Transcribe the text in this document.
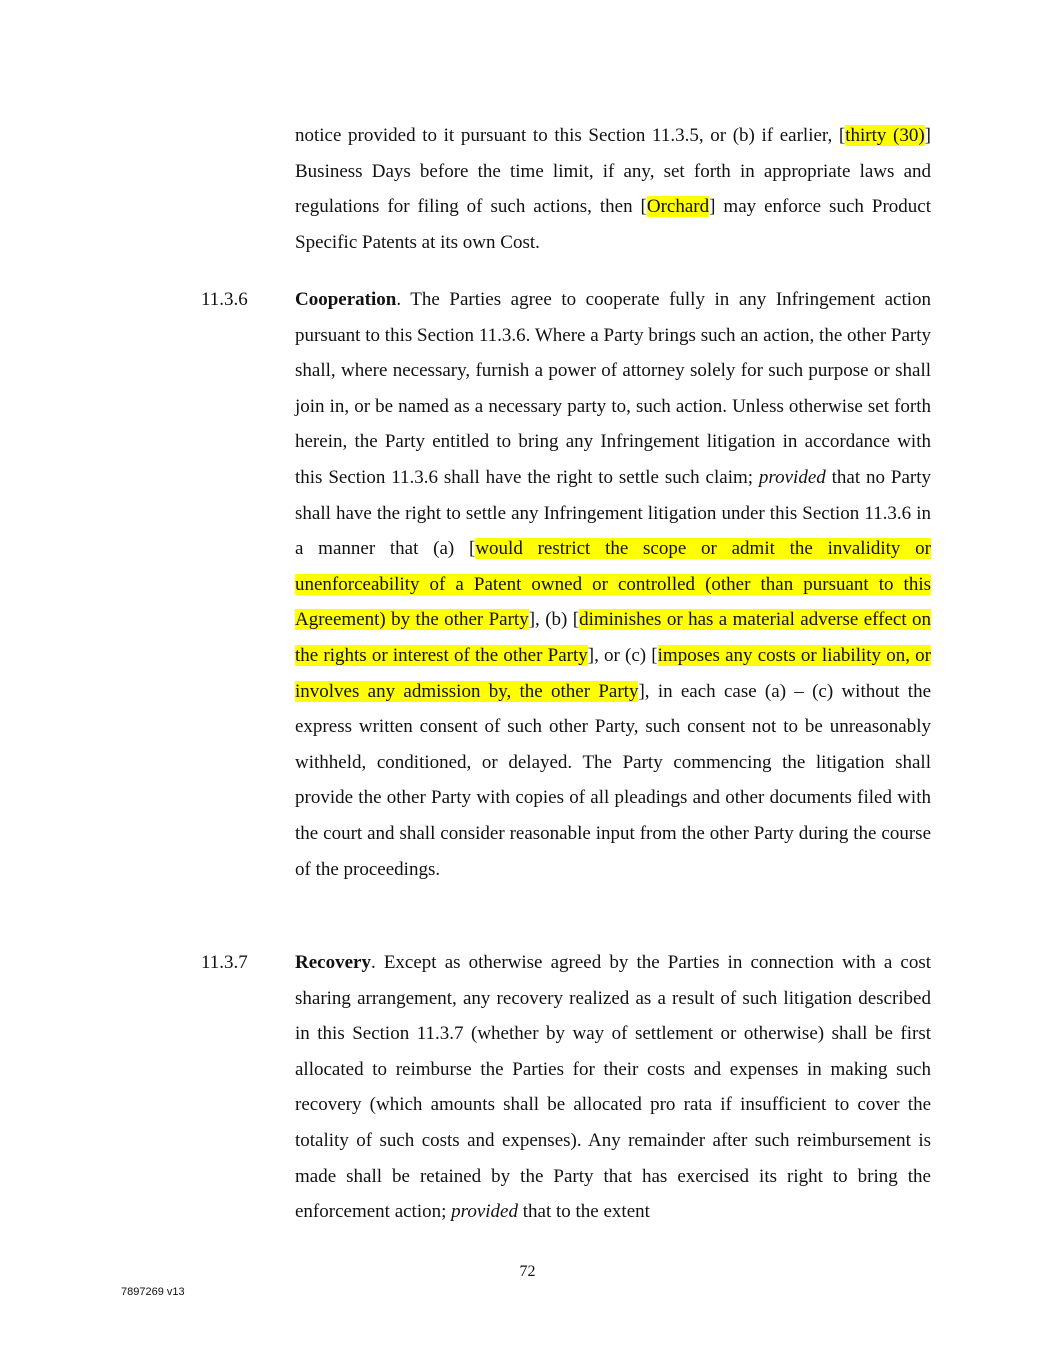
notice provided to it pursuant to this Section 11.3.5, or (b) if earlier, [thirty (30)] Business Days before the time limit, if any, set forth in appropriate laws and regulations for filing of such actions, then [Orchard] may enforce such Product Specific Patents at its own Cost.

11.3.6 Cooperation. The Parties agree to cooperate fully in any Infringement action pursuant to this Section 11.3.6. Where a Party brings such an action, the other Party shall, where necessary, furnish a power of attorney solely for such purpose or shall join in, or be named as a necessary party to, such action. Unless otherwise set forth herein, the Party entitled to bring any Infringement litigation in accordance with this Section 11.3.6 shall have the right to settle such claim; provided that no Party shall have the right to settle any Infringement litigation under this Section 11.3.6 in a manner that (a) [would restrict the scope or admit the invalidity or unenforceability of a Patent owned or controlled (other than pursuant to this Agreement) by the other Party], (b) [diminishes or has a material adverse effect on the rights or interest of the other Party], or (c) [imposes any costs or liability on, or involves any admission by, the other Party], in each case (a) – (c) without the express written consent of such other Party, such consent not to be unreasonably withheld, conditioned, or delayed. The Party commencing the litigation shall provide the other Party with copies of all pleadings and other documents filed with the court and shall consider reasonable input from the other Party during the course of the proceedings.

11.3.7 Recovery. Except as otherwise agreed by the Parties in connection with a cost sharing arrangement, any recovery realized as a result of such litigation described in this Section 11.3.7 (whether by way of settlement or otherwise) shall be first allocated to reimburse the Parties for their costs and expenses in making such recovery (which amounts shall be allocated pro rata if insufficient to cover the totality of such costs and expenses). Any remainder after such reimbursement is made shall be retained by the Party that has exercised its right to bring the enforcement action; provided that to the extent

72
7897269 v13
